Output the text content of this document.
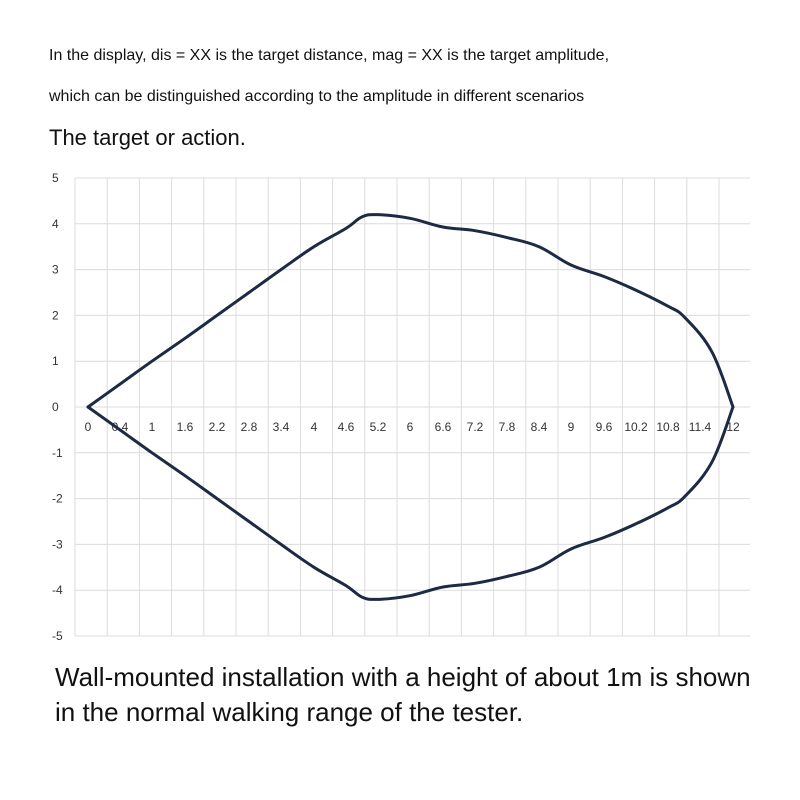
In the display, dis = XX is the target distance, mag = XX is the target amplitude,
which can be distinguished according to the amplitude in different scenarios
The target or action.
5
4
3
2
1
0
-1
-2
-3
-4
-5
0 0.4 1 1.6 2.2 2.8 3.4 4 4.6 5.2 6 6.6 7.2 7.8 8.4 9 9.6 10.2 10.8 11.4 12
Wall-mounted installation with a height of about 1m is shown in the normal walking range of the tester.
